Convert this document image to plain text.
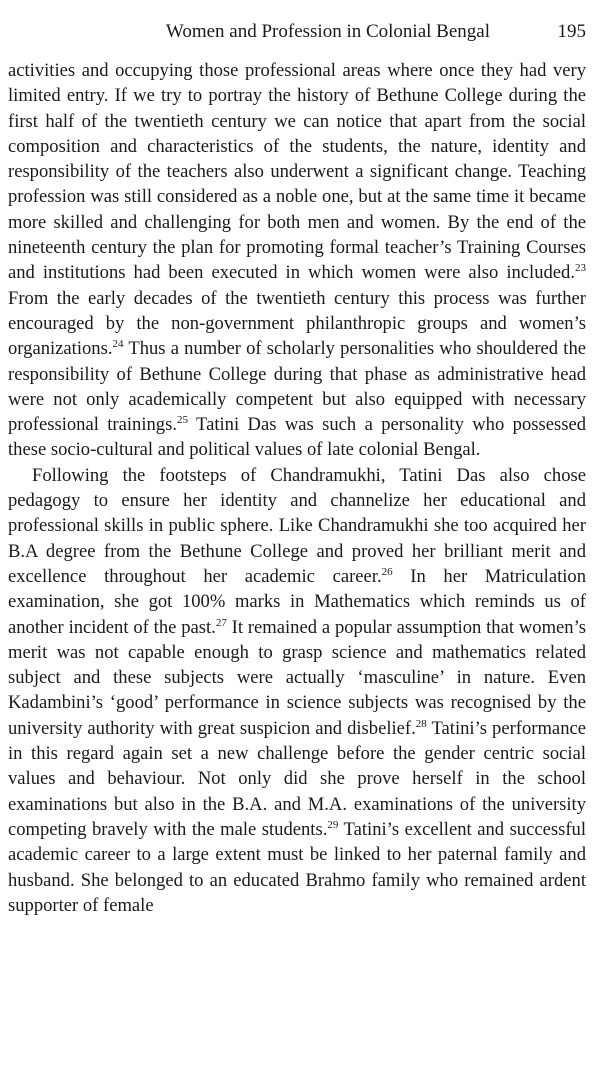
Women and Profession in Colonial Bengal	195

activities and occupying those professional areas where once they had very limited entry. If we try to portray the history of Bethune College during the first half of the twentieth century we can notice that apart from the social composition and characteristics of the students, the nature, identity and responsibility of the teachers also underwent a significant change. Teaching profession was still considered as a noble one, but at the same time it became more skilled and challenging for both men and women. By the end of the nineteenth century the plan for promoting formal teacher’s Training Courses and institutions had been executed in which women were also included.$^{23}$ From the early decades of the twentieth century this process was further encouraged by the non-government philanthropic groups and women’s organizations.$^{24}$ Thus a number of scholarly personalities who shouldered the responsibility of Bethune College during that phase as administrative head were not only academically competent but also equipped with necessary professional trainings.$^{25}$ Tatini Das was such a personality who possessed these socio-cultural and political values of late colonial Bengal.

Following the footsteps of Chandramukhi, Tatini Das also chose pedagogy to ensure her identity and channelize her educational and professional skills in public sphere. Like Chandramukhi she too acquired her B.A degree from the Bethune College and proved her brilliant merit and excellence throughout her academic career.$^{26}$ In her Matriculation examination, she got 100% marks in Mathematics which reminds us of another incident of the past.$^{27}$ It remained a popular assumption that women’s merit was not capable enough to grasp science and mathematics related subject and these subjects were actually ‘masculine’ in nature. Even Kadambini’s ‘good’ performance in science subjects was recognised by the university authority with great suspicion and disbelief.$^{28}$ Tatini’s performance in this regard again set a new challenge before the gender centric social values and behaviour. Not only did she prove herself in the school examinations but also in the B.A. and M.A. examinations of the university competing bravely with the male students.$^{29}$ Tatini’s excellent and successful academic career to a large extent must be linked to her paternal family and husband. She belonged to an educated Brahmo family who remained ardent supporter of female
